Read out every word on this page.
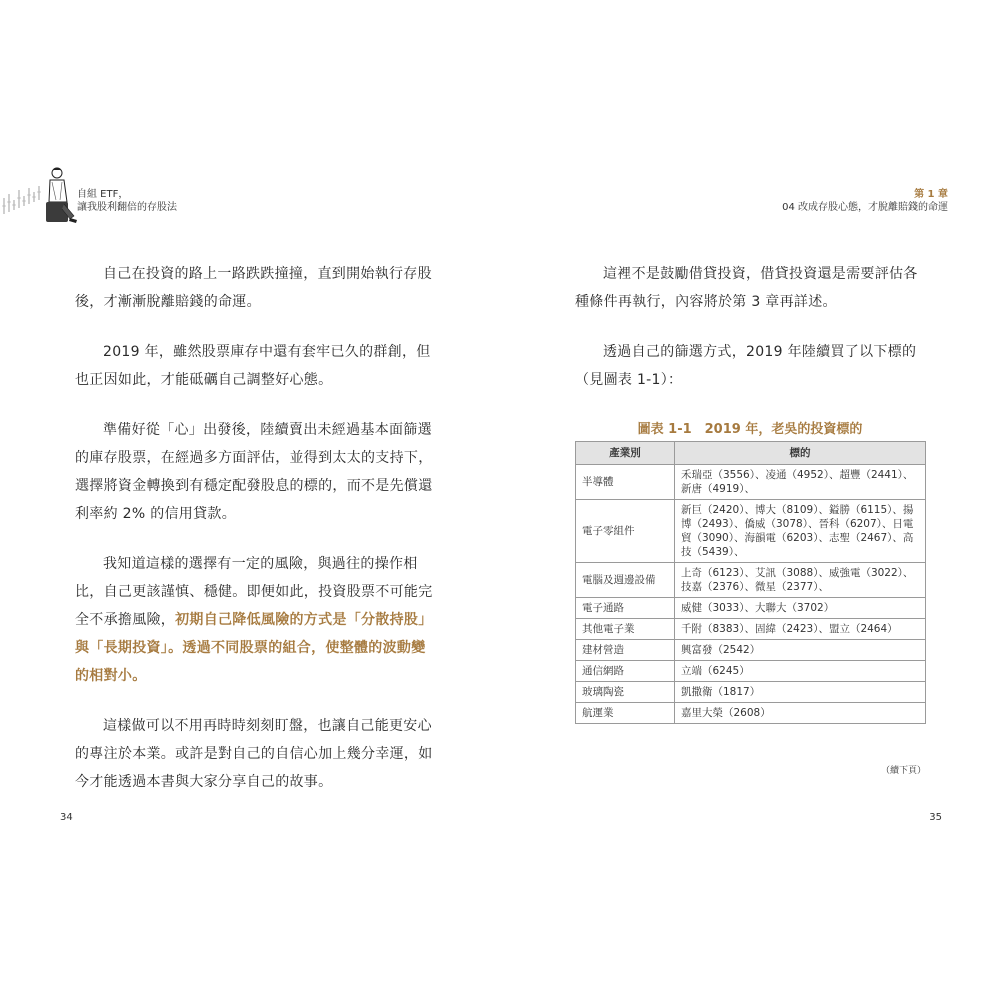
自組 ETF，
讓我股利翻倍的存股法
第 1 章
04 改成存股心態，才脫離賠錢的命運

自己在投資的路上一路跌跌撞撞，直到開始執行存股後，才漸漸脫離賠錢的命運。

2019 年，雖然股票庫存中還有套牢已久的群創，但也正因如此，才能砥礪自己調整好心態。

準備好從「心」出發後，陸續賣出未經過基本面篩選的庫存股票，在經過多方面評估，並得到太太的支持下，選擇將資金轉換到有穩定配發股息的標的，而不是先償還利率約 2% 的信用貸款。

我知道這樣的選擇有一定的風險，與過往的操作相比，自己更該謹慎、穩健。即便如此，投資股票不可能完全不承擔風險，初期自己降低風險的方式是「分散持股」與「長期投資」。透過不同股票的組合，使整體的波動變的相對小。

這樣做可以不用再時時刻刻盯盤，也讓自己能更安心的專注於本業。或許是對自己的自信心加上幾分幸運，如今才能透過本書與大家分享自己的故事。

這裡不是鼓勵借貸投資，借貸投資還是需要評估各種條件再執行，內容將於第 3 章再詳述。

透過自己的篩選方式，2019 年陸續買了以下標的（見圖表 1-1）：

圖表 1-1　2019 年，老吳的投資標的
產業別	標的
半導體	禾瑞亞（3556）、凌通（4952）、超豐（2441）、新唐（4919）、
電子零組件	新巨（2420）、博大（8109）、鎰勝（6115）、揚博（2493）、僑威（3078）、晉科（6207）、日電貿（3090）、海韻電（6203）、志聖（2467）、高技（5439）、
電腦及週邊設備	上奇（6123）、艾訊（3088）、威強電（3022）、技嘉（2376）、微星（2377）、
電子通路	威健（3033）、大聯大（3702）
其他電子業	千附（8383）、固緯（2423）、盟立（2464）
建材營造	興富發（2542）
通信網路	立端（6245）
玻璃陶瓷	凱撒衛（1817）
航運業	嘉里大榮（2608）
（續下頁）
34	35
